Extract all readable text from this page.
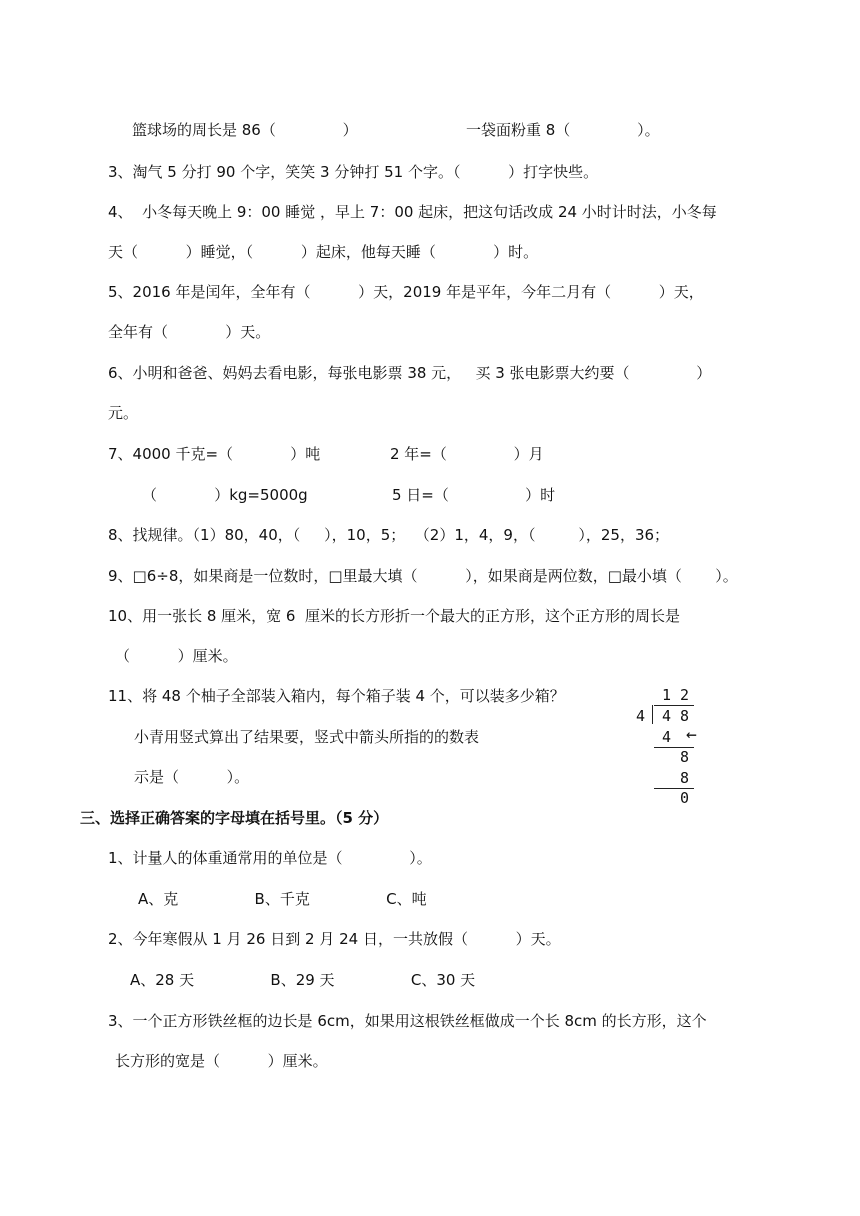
篮球场的周长是 86（              ）	一袋面粉重 8（              ）。
3、淘气 5 分打 90 个字，笑笑 3 分钟打 51 个字。（          ）打字快些。
4、  小冬每天晚上 9：00 睡觉 ，早上 7：00 起床，把这句话改成 24 小时计时法，小冬每
天（          ）睡觉，（          ）起床，他每天睡（            ）时。
5、2016 年是闰年，全年有（          ）天，2019 年是平年，今年二月有（          ）天，
全年有（            ）天。
6、小明和爸爸、妈妈去看电影，每张电影票 38 元，   买 3 张电影票大约要（              ）
元。
7、4000 千克=（            ）吨	2 年=（              ）月
（            ）kg=5000g	5 日=（                ）时
8、找规律。（1）80，40，（     ），10，5；  （2）1，4，9，（         ），25，36；
9、□6÷8，如果商是一位数时，□里最大填（          ），如果商是两位数，□最小填（       ）。
10、用一张长 8 厘米，宽 6  厘米的长方形折一个最大的正方形，这个正方形的周长是
（          ）厘米。
11、将 48 个柚子全部装入箱内，每个箱子装 4 个，可以装多少箱？
小青用竖式算出了结果要，竖式中箭头所指的的数表
示是（          ）。
1 2
4 4 8
4 ←
8
8
0
三、选择正确答案的字母填在括号里。（5 分）
1、计量人的体重通常用的单位是（              ）。
A、克                B、千克                C、吨
2、今年寒假从 1 月 26 日到 2 月 24 日，一共放假（          ）天。
A、28 天                B、29 天                C、30 天
3、一个正方形铁丝框的边长是 6cm，如果用这根铁丝框做成一个长 8cm 的长方形，这个
长方形的宽是（          ）厘米。
